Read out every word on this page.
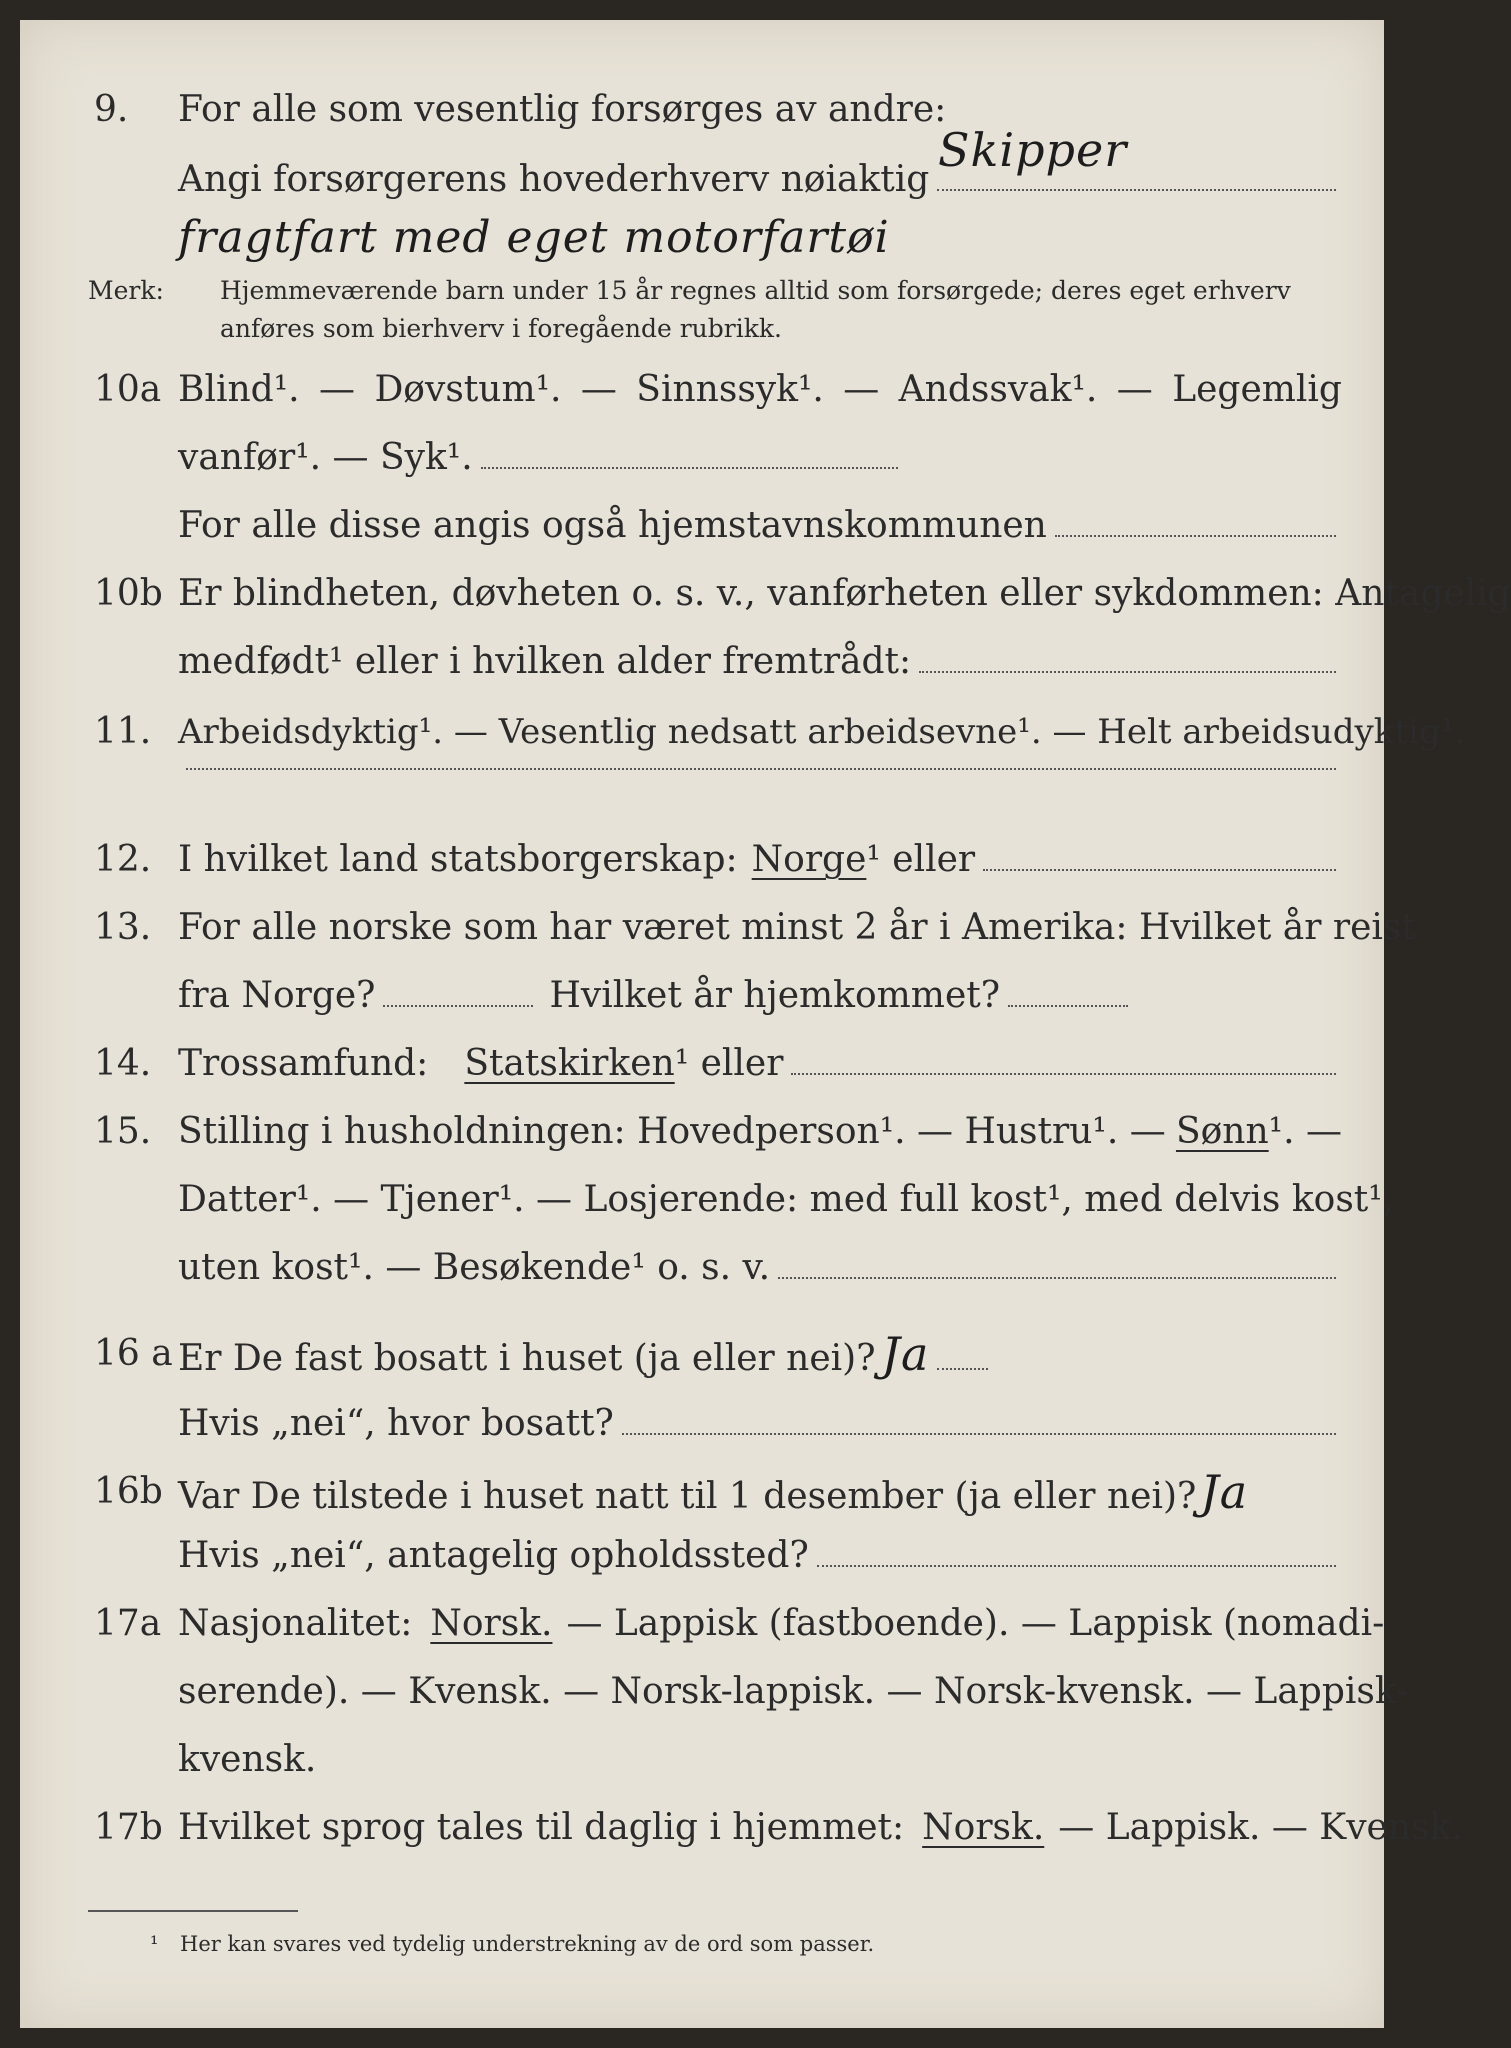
9. For alle som vesentlig forsørges av andre:
Angi forsørgerens hovederhverv nøiaktig
Skipper
fragtfart med eget motorfartøi
Merk: Hjemmeværende barn under 15 år regnes alltid som forsørgede; deres eget erhverv
anføres som bierhverv i foregående rubrikk.
10a Blind¹. — Døvstum¹. — Sinnssyk¹. — Andssvak¹. — Legemlig
vanfør¹. — Syk¹.
For alle disse angis også hjemstavnskommunen
10b Er blindheten, døvheten o. s. v., vanførheten eller sykdommen: Antagelig
medfødt¹ eller i hvilken alder fremtrådt:
11. Arbeidsdyktig¹. — Vesentlig nedsatt arbeidsevne¹. — Helt arbeidsudyktig¹.
12. I hvilket land statsborgerskap: Norge ¹ eller
13. For alle norske som har været minst 2 år i Amerika: Hvilket år reist
fra Norge?	Hvilket år hjemkommet?
14. Trossamfund: Statskirken ¹ eller
15. Stilling i husholdningen: Hovedperson¹. — Hustru¹. — Sønn¹. —
Datter¹. — Tjener¹. — Losjerende: med full kost¹, med delvis kost¹,
uten kost¹. — Besøkende¹ o. s. v.
16 a Er De fast bosatt i huset (ja eller nei)? Ja
Hvis „nei“, hvor bosatt?
16b Var De tilstede i huset natt til 1 desember (ja eller nei)? Ja
Hvis „nei“, antagelig opholdssted?
17a Nasjonalitet: Norsk. — Lappisk (fastboende). — Lappisk (nomadi-
serende). — Kvensk. — Norsk-lappisk. — Norsk-kvensk. — Lappisk-
kvensk.
17b Hvilket sprog tales til daglig i hjemmet: Norsk. — Lappisk. — Kvensk.
¹ Her kan svares ved tydelig understrekning av de ord som passer.
